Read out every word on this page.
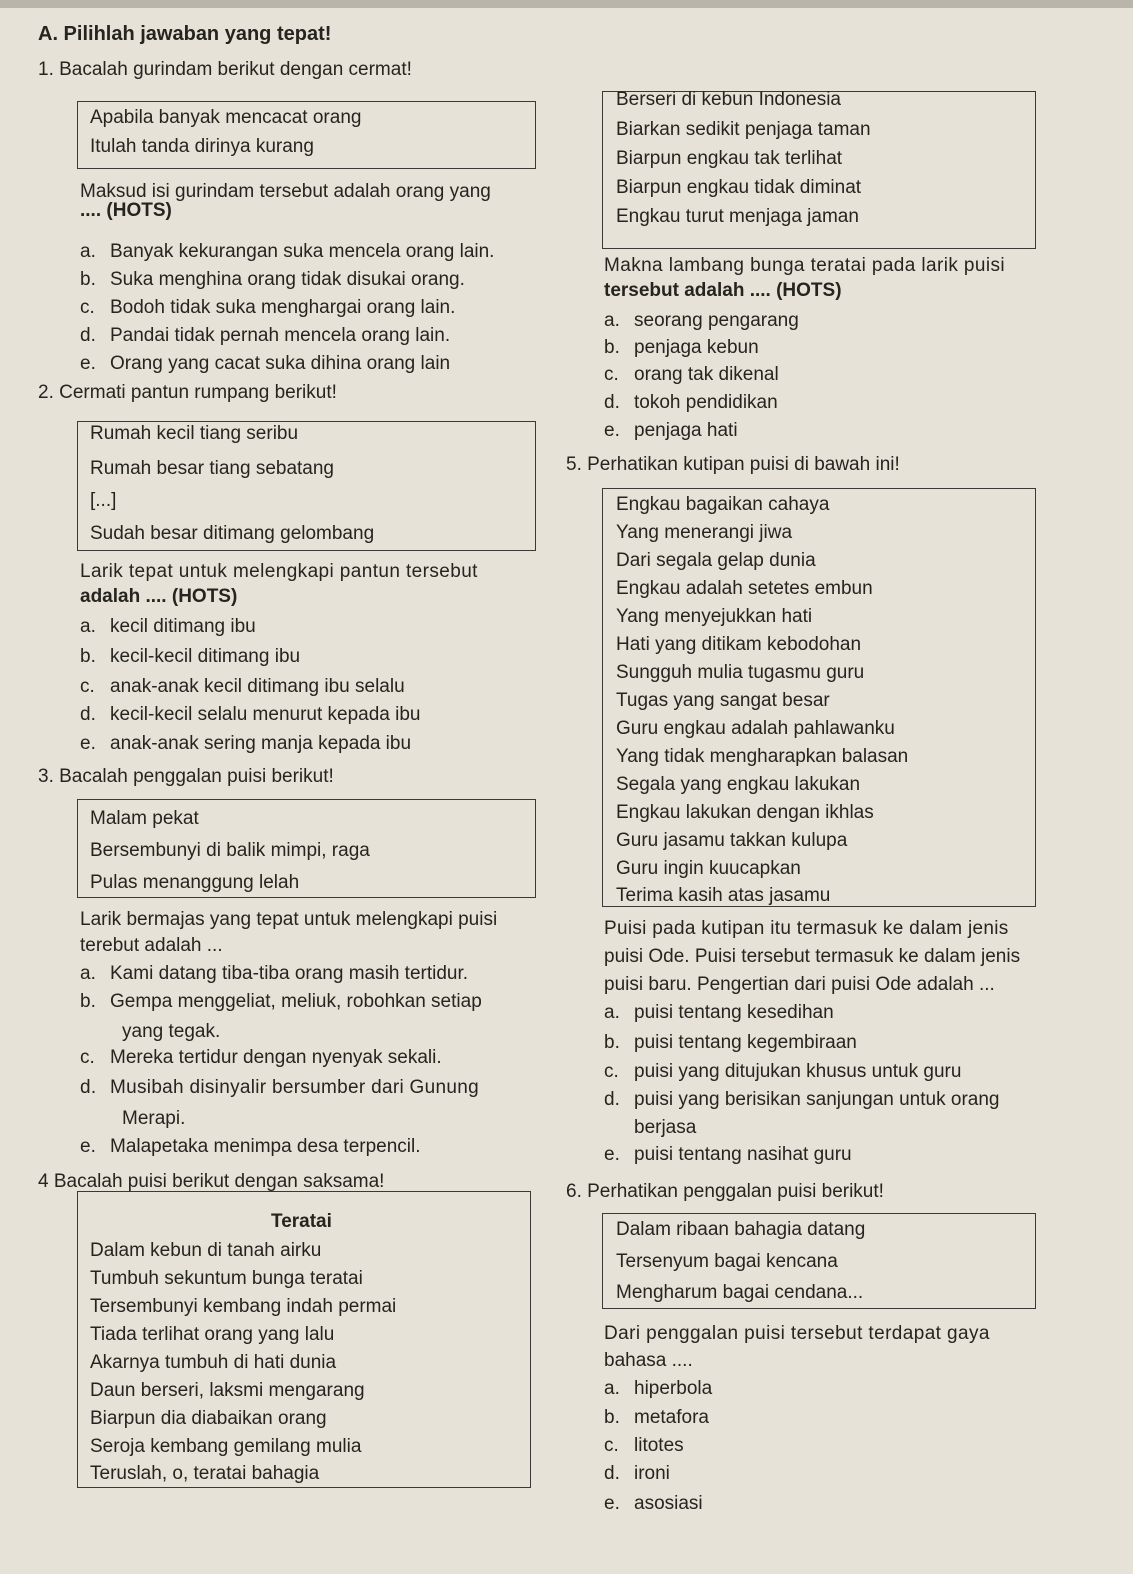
A. Pilihlah jawaban yang tepat!
1. Bacalah gurindam berikut dengan cermat!
Apabila banyak mencacat orang
Itulah tanda dirinya kurang
Maksud isi gurindam tersebut adalah orang yang
.... (HOTS)
a. Banyak kekurangan suka mencela orang lain.
b. Suka menghina orang tidak disukai orang.
c. Bodoh tidak suka menghargai orang lain.
d. Pandai tidak pernah mencela orang lain.
e. Orang yang cacat suka dihina orang lain
2. Cermati pantun rumpang berikut!
Rumah kecil tiang seribu
Rumah besar tiang sebatang
[...]
Sudah besar ditimang gelombang
Larik tepat untuk melengkapi pantun tersebut
adalah .... (HOTS)
a. kecil ditimang ibu
b. kecil-kecil ditimang ibu
c. anak-anak kecil ditimang ibu selalu
d. kecil-kecil selalu menurut kepada ibu
e. anak-anak sering manja kepada ibu
3. Bacalah penggalan puisi berikut!
Malam pekat
Bersembunyi di balik mimpi, raga
Pulas menanggung lelah
Larik bermajas yang tepat untuk melengkapi puisi
terebut adalah ...
a. Kami datang tiba-tiba orang masih tertidur.
b. Gempa menggeliat, meliuk, robohkan setiap
yang tegak.
c. Mereka tertidur dengan nyenyak sekali.
d. Musibah disinyalir bersumber dari Gunung
Merapi.
e. Malapetaka menimpa desa terpencil.
4 Bacalah puisi berikut dengan saksama!
Teratai
Dalam kebun di tanah airku
Tumbuh sekuntum bunga teratai
Tersembunyi kembang indah permai
Tiada terlihat orang yang lalu
Akarnya tumbuh di hati dunia
Daun berseri, laksmi mengarang
Biarpun dia diabaikan orang
Seroja kembang gemilang mulia
Teruslah, o, teratai bahagia
Berseri di kebun Indonesia
Biarkan sedikit penjaga taman
Biarpun engkau tak terlihat
Biarpun engkau tidak diminat
Engkau turut menjaga jaman
Makna lambang bunga teratai pada larik puisi
tersebut adalah .... (HOTS)
a. seorang pengarang
b. penjaga kebun
c. orang tak dikenal
d. tokoh pendidikan
e. penjaga hati
5. Perhatikan kutipan puisi di bawah ini!
Engkau bagaikan cahaya
Yang menerangi jiwa
Dari segala gelap dunia
Engkau adalah setetes embun
Yang menyejukkan hati
Hati yang ditikam kebodohan
Sungguh mulia tugasmu guru
Tugas yang sangat besar
Guru engkau adalah pahlawanku
Yang tidak mengharapkan balasan
Segala yang engkau lakukan
Engkau lakukan dengan ikhlas
Guru jasamu takkan kulupa
Guru ingin kuucapkan
Terima kasih atas jasamu
Puisi pada kutipan itu termasuk ke dalam jenis
puisi Ode. Puisi tersebut termasuk ke dalam jenis
puisi baru. Pengertian dari puisi Ode adalah ...
a. puisi tentang kesedihan
b. puisi tentang kegembiraan
c. puisi yang ditujukan khusus untuk guru
d. puisi yang berisikan sanjungan untuk orang
berjasa
e. puisi tentang nasihat guru
6. Perhatikan penggalan puisi berikut!
Dalam ribaan bahagia datang
Tersenyum bagai kencana
Mengharum bagai cendana...
Dari penggalan puisi tersebut terdapat gaya
bahasa ....
a. hiperbola
b. metafora
c. litotes
d. ironi
e. asosiasi
